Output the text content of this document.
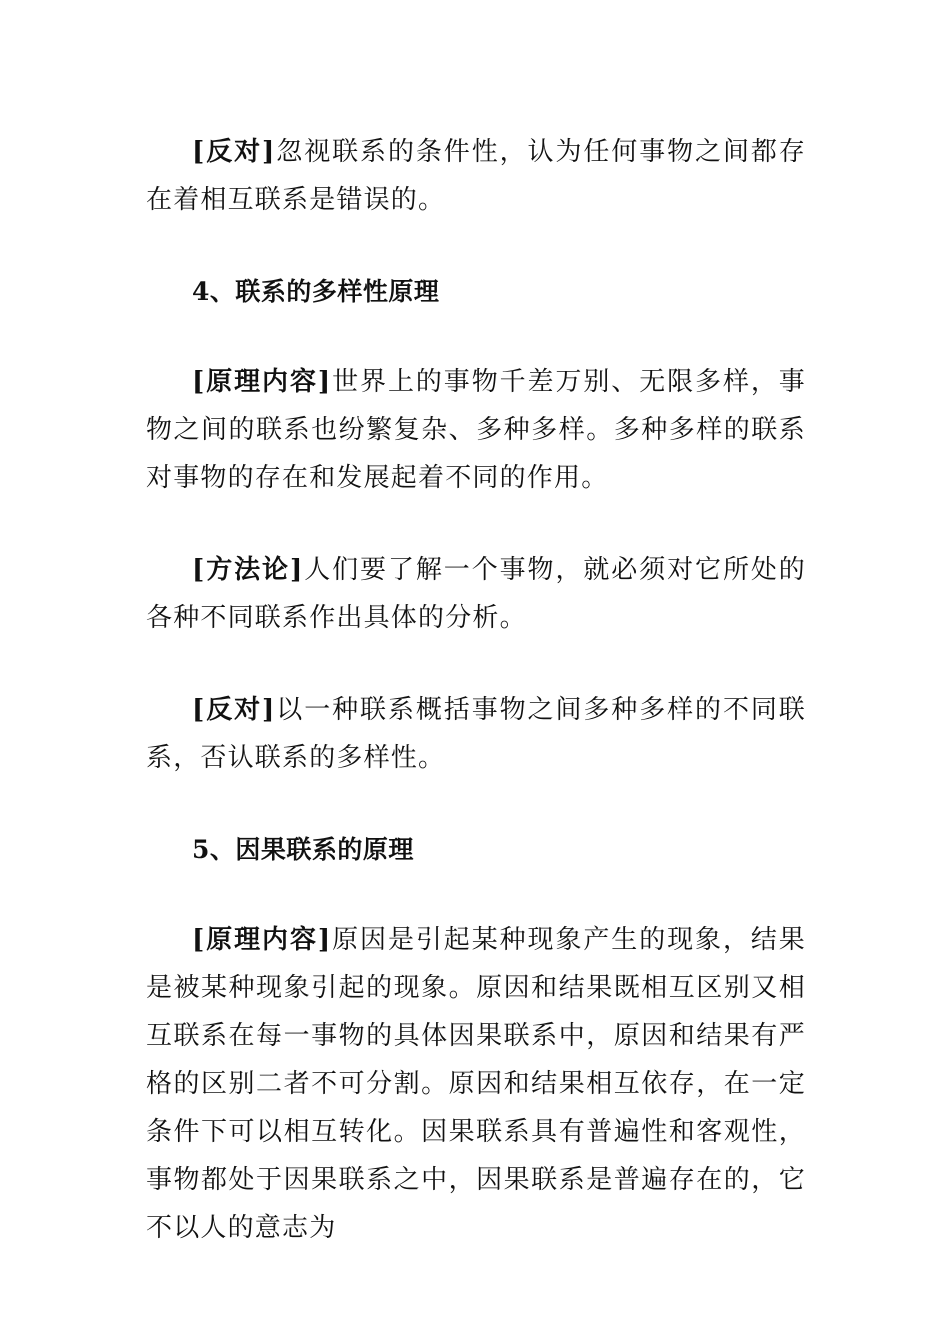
[反对]忽视联系的条件性，认为任何事物之间都存在着相互联系是错误的。

4、联系的多样性原理

[原理内容]世界上的事物千差万别、无限多样，事物之间的联系也纷繁复杂、多种多样。多种多样的联系对事物的存在和发展起着不同的作用。

[方法论]人们要了解一个事物，就必须对它所处的各种不同联系作出具体的分析。

[反对]以一种联系概括事物之间多种多样的不同联系，否认联系的多样性。

5、因果联系的原理

[原理内容]原因是引起某种现象产生的现象，结果是被某种现象引起的现象。原因和结果既相互区别又相互联系在每一事物的具体因果联系中，原因和结果有严格的区别二者不可分割。原因和结果相互依存，在一定条件下可以相互转化。因果联系具有普遍性和客观性，事物都处于因果联系之中，因果联系是普遍存在的，它不以人的意志为
